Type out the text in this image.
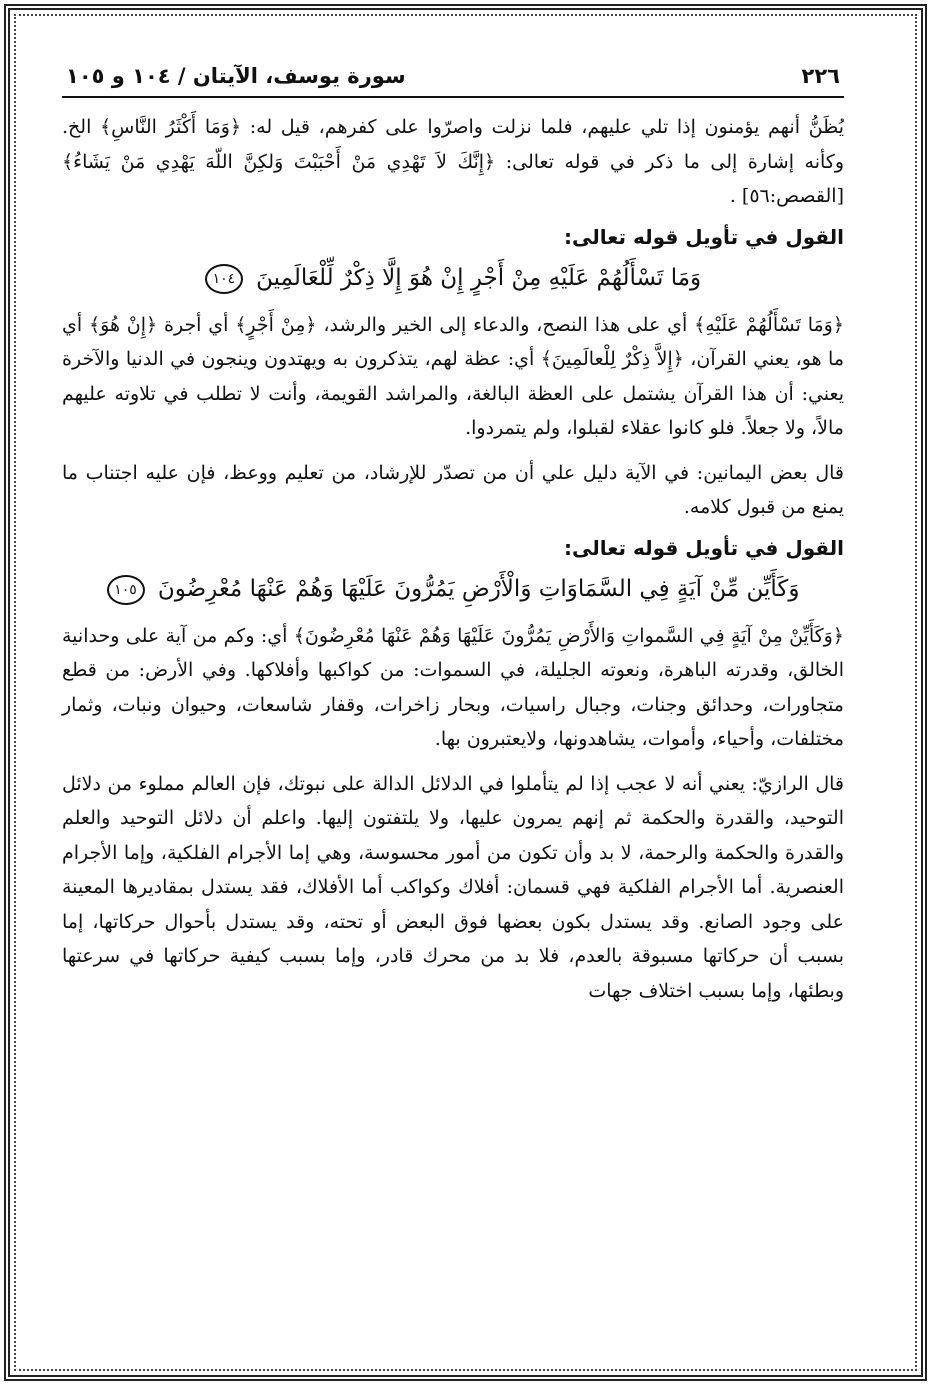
٢٢٦
سورة يوسف، الآيتان / ١٠٤ و ١٠٥

يُظَنُّ أنهم يؤمنون إذا تلي عليهم، فلما نزلت واصرّوا على كفرهم، قيل له: ﴿وَمَا أَكْثَرُ النَّاسِ﴾ الخ. وكأنه إشارة إلى ما ذكر في قوله تعالى: ﴿إِنَّكَ لاَ تَهْدِي مَنْ أَحْبَبْتَ وَلكِنَّ اللّهَ يَهْدِي مَنْ يَشَاءُ﴾ [القصص:٥٦] .

القول في تأويل قوله تعالى:
وَمَا تَسْأَلُهُمْ عَلَيْهِ مِنْ أَجْرٍ إِنْ هُوَ إِلَّا ذِكْرٌ لِّلْعَالَمِينَ ١٠٤

﴿وَمَا تَسْأَلُهُمْ عَلَيْهِ﴾ أي على هذا النصح، والدعاء إلى الخير والرشد، ﴿مِنْ أَجْرٍ﴾ أي أجرة ﴿إِنْ هُوَ﴾ أي ما هو، يعني القرآن، ﴿إِلاَّ ذِكْرٌ لِلْعالَمِينَ﴾ أي: عظة لهم، يتذكرون به ويهتدون وينجون في الدنيا والآخرة يعني: أن هذا القرآن يشتمل على العظة البالغة، والمراشد القويمة، وأنت لا تطلب في تلاوته عليهم مالاً، ولا جعلاً. فلو كانوا عقلاء لقبلوا، ولم يتمردوا.

قال بعض اليمانين: في الآية دليل علي أن من تصدّر للإرشاد، من تعليم ووعظ، فإن عليه اجتناب ما يمنع من قبول كلامه.

القول في تأويل قوله تعالى:
وَكَأَيِّن مِّنْ آيَةٍ فِي السَّمَاوَاتِ وَالْأَرْضِ يَمُرُّونَ عَلَيْهَا وَهُمْ عَنْهَا مُعْرِضُونَ ١٠٥

﴿وَكَأَيِّنْ مِنْ آيَةٍ فِي السَّمواتِ وَالأَرْضِ يَمُرُّونَ عَلَيْهَا وَهُمْ عَنْهَا مُعْرِضُونَ﴾ أي: وكم من آية على وحدانية الخالق، وقدرته الباهرة، ونعوته الجليلة، في السموات: من كواكبها وأفلاكها. وفي الأرض: من قطع متجاورات، وحدائق وجنات، وجبال راسيات، وبحار زاخرات، وقفار شاسعات، وحيوان ونبات، وثمار مختلفات، وأحياء، وأموات، يشاهدونها، ولايعتبرون بها.

قال الرازيّ: يعني أنه لا عجب إذا لم يتأملوا في الدلائل الدالة على نبوتك، فإن العالم مملوء من دلائل التوحيد، والقدرة والحكمة ثم إنهم يمرون عليها، ولا يلتفتون إليها. واعلم أن دلائل التوحيد والعلم والقدرة والحكمة والرحمة، لا بد وأن تكون من أمور محسوسة، وهي إما الأجرام الفلكية، وإما الأجرام العنصرية. أما الأجرام الفلكية فهي قسمان: أفلاك وكواكب أما الأفلاك، فقد يستدل بمقاديرها المعينة على وجود الصانع. وقد يستدل بكون بعضها فوق البعض أو تحته، وقد يستدل بأحوال حركاتها، إما بسبب أن حركاتها مسبوقة بالعدم، فلا بد من محرك قادر، وإما بسبب كيفية حركاتها في سرعتها وبطئها، وإما بسبب اختلاف جهات
